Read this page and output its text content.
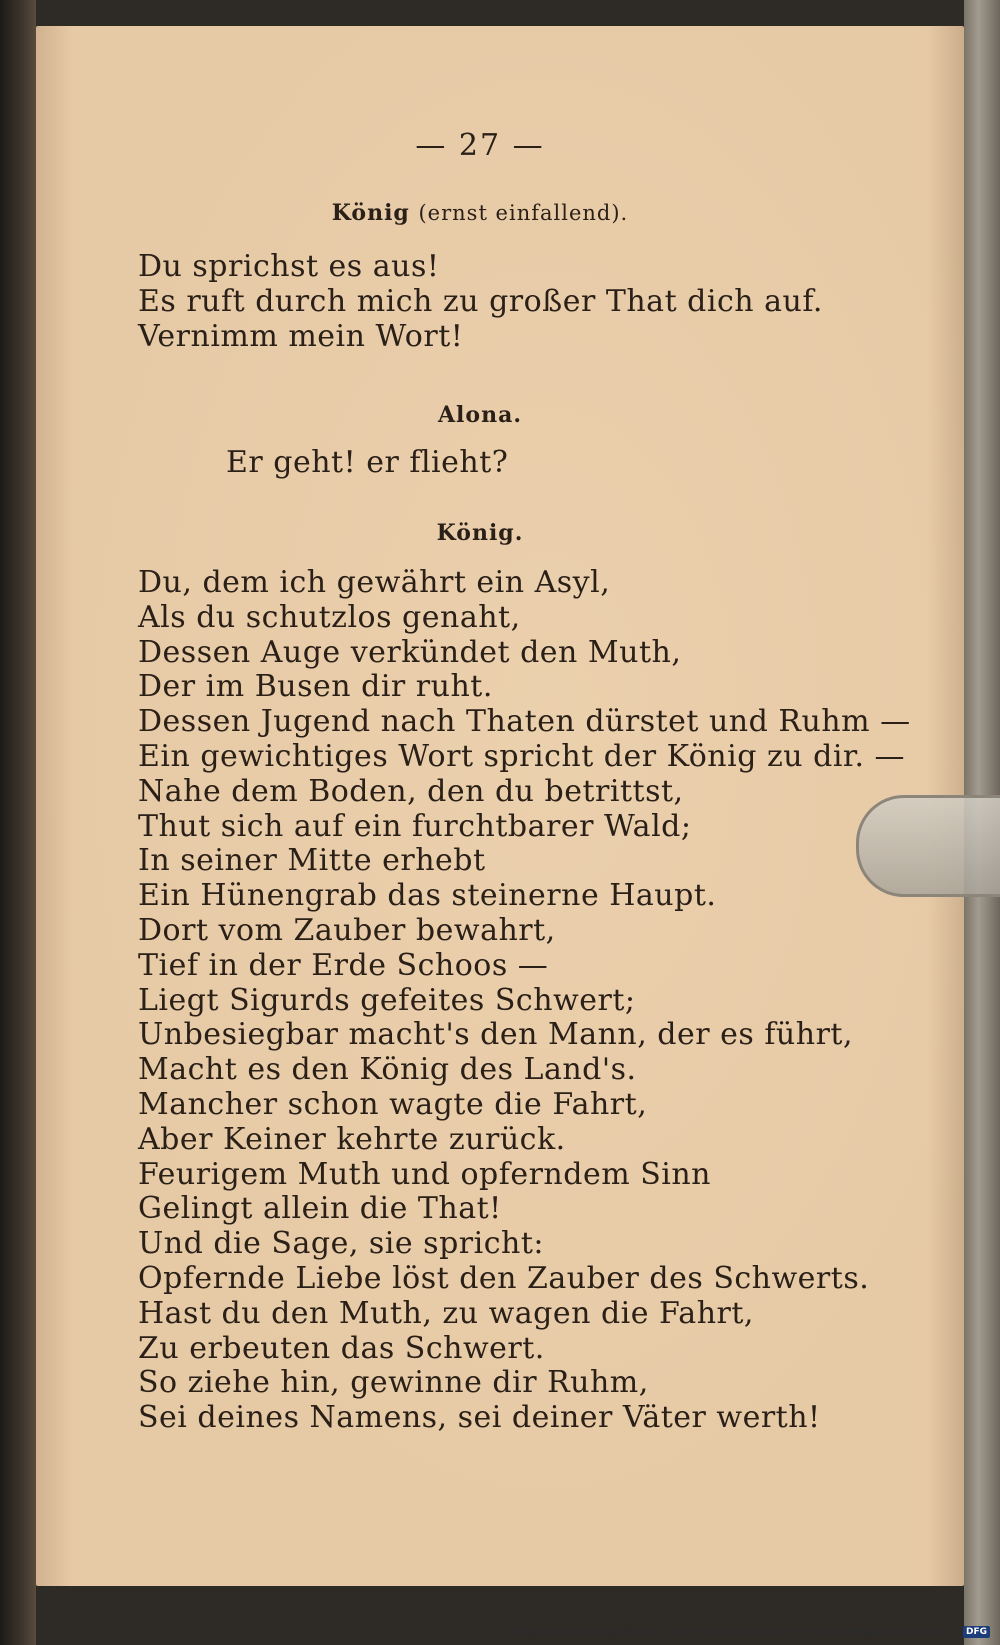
— 27 —
König (ernst einfallend).
Du sprichst es aus!
Es ruft durch mich zu großer That dich auf.
Vernimm mein Wort!
Alona.
Er geht! er flieht?
König.
Du, dem ich gewährt ein Asyl,
Als du schutzlos genaht,
Dessen Auge verkündet den Muth,
Der im Busen dir ruht.
Dessen Jugend nach Thaten dürstet und Ruhm —
Ein gewichtiges Wort spricht der König zu dir. —
Nahe dem Boden, den du betrittst,
Thut sich auf ein furchtbarer Wald;
In seiner Mitte erhebt
Ein Hünengrab das steinerne Haupt.
Dort vom Zauber bewahrt,
Tief in der Erde Schoos —
Liegt Sigurds gefeites Schwert;
Unbesiegbar macht's den Mann, der es führt,
Macht es den König des Land's.
Mancher schon wagte die Fahrt,
Aber Keiner kehrte zurück.
Feurigem Muth und opferndem Sinn
Gelingt allein die That!
Und die Sage, sie spricht:
Opfernde Liebe löst den Zauber des Schwerts.
Hast du den Muth, zu wagen die Fahrt,
Zu erbeuten das Schwert.
So ziehe hin, gewinne dir Ruhm,
Sei deines Namens, sei deiner Väter werth!
Digitalisierung gefördert durch die Deutsche Forschungsgemeinschaft - DFG
